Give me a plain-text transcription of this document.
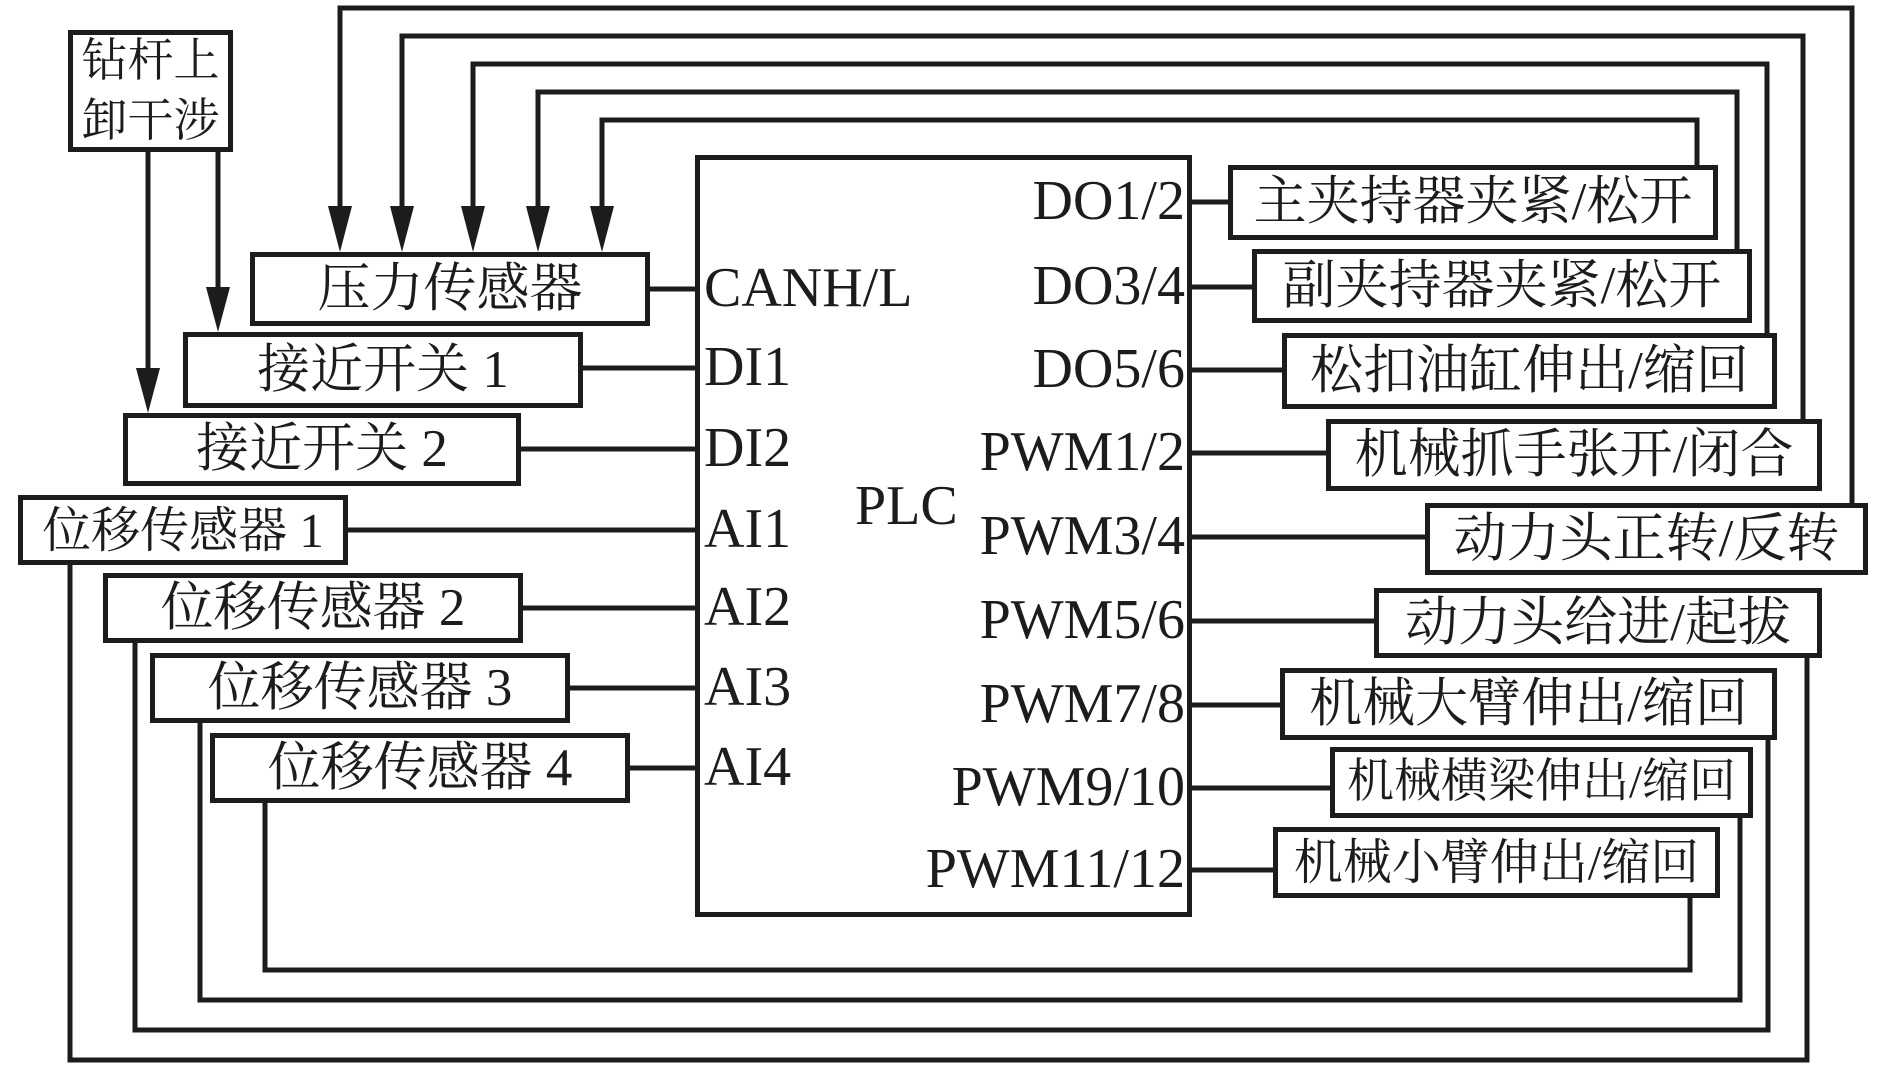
PLC
CANH/L
DI1
DI2
AI1
AI2
AI3
AI4
DO1/2
DO3/4
DO5/6
PWM1/2
PWM3/4
PWM5/6
PWM7/8
PWM9/10
PWM11/12
钻杆上
卸干涉
压力传感器
接近开关 1
接近开关 2
位移传感器 1
位移传感器 2
位移传感器 3
位移传感器 4
主夹持器夹紧/松开
副夹持器夹紧/松开
松扣油缸伸出/缩回
机械抓手张开/闭合
动力头正转/反转
动力头给进/起拔
机械大臂伸出/缩回
机械横梁伸出/缩回
机械小臂伸出/缩回
